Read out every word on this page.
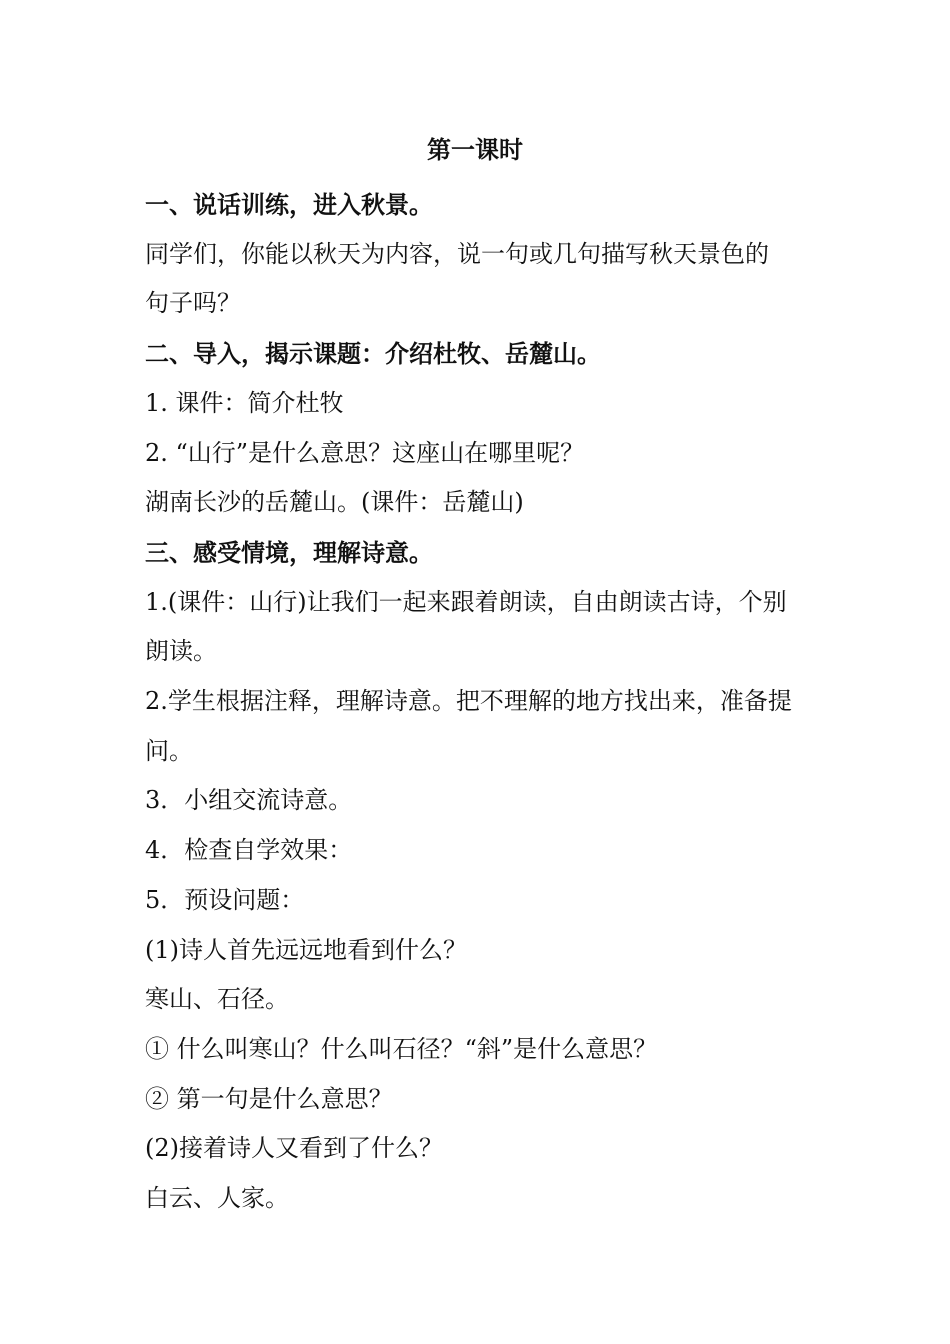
第一课时

一、说话训练，进入秋景。

同学们，你能以秋天为内容，说一句或几句描写秋天景色的

句子吗？

二、导入，揭示课题：介绍杜牧、岳麓山。

1. 课件：简介杜牧

2. “山行”是什么意思？这座山在哪里呢？

湖南长沙的岳麓山。(课件：岳麓山)

三、感受情境，理解诗意。

1.(课件：山行)让我们一起来跟着朗读，自由朗读古诗，个别

朗读。

2.学生根据注释，理解诗意。把不理解的地方找出来，准备提

问。

3．小组交流诗意。

4．检查自学效果：

5．预设问题：

(1)诗人首先远远地看到什么？

寒山、石径。

① 什么叫寒山？什么叫石径？“斜”是什么意思？

② 第一句是什么意思？

(2)接着诗人又看到了什么？

白云、人家。
